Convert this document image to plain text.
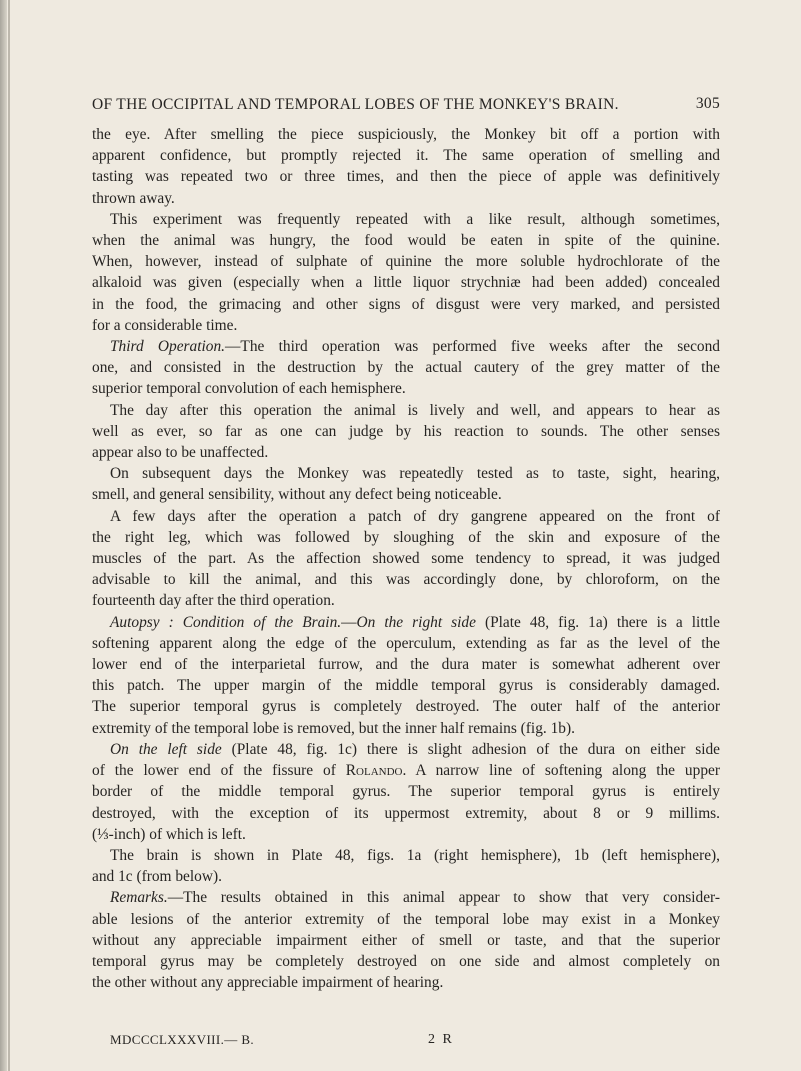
OF THE OCCIPITAL AND TEMPORAL LOBES OF THE MONKEY'S BRAIN.	305

the eye. After smelling the piece suspiciously, the Monkey bit off a portion with

apparent confidence, but promptly rejected it. The same operation of smelling and

tasting was repeated two or three times, and then the piece of apple was definitively

thrown away.

This experiment was frequently repeated with a like result, although sometimes,

when the animal was hungry, the food would be eaten in spite of the quinine.

When, however, instead of sulphate of quinine the more soluble hydrochlorate of the

alkaloid was given (especially when a little liquor strychniæ had been added) concealed

in the food, the grimacing and other signs of disgust were very marked, and persisted

for a considerable time.

Third Operation.—The third operation was performed five weeks after the second

one, and consisted in the destruction by the actual cautery of the grey matter of the

superior temporal convolution of each hemisphere.

The day after this operation the animal is lively and well, and appears to hear as

well as ever, so far as one can judge by his reaction to sounds. The other senses

appear also to be unaffected.

On subsequent days the Monkey was repeatedly tested as to taste, sight, hearing,

smell, and general sensibility, without any defect being noticeable.

A few days after the operation a patch of dry gangrene appeared on the front of

the right leg, which was followed by sloughing of the skin and exposure of the

muscles of the part. As the affection showed some tendency to spread, it was judged

advisable to kill the animal, and this was accordingly done, by chloroform, on the

fourteenth day after the third operation.

Autopsy : Condition of the Brain.—On the right side (Plate 48, fig. 1a) there is a little

softening apparent along the edge of the operculum, extending as far as the level of the

lower end of the interparietal furrow, and the dura mater is somewhat adherent over

this patch. The upper margin of the middle temporal gyrus is considerably damaged.

The superior temporal gyrus is completely destroyed. The outer half of the anterior

extremity of the temporal lobe is removed, but the inner half remains (fig. 1b).

On the left side (Plate 48, fig. 1c) there is slight adhesion of the dura on either side

of the lower end of the fissure of Rolando. A narrow line of softening along the upper

border of the middle temporal gyrus. The superior temporal gyrus is entirely

destroyed, with the exception of its uppermost extremity, about 8 or 9 millims.

(⅓-inch) of which is left.

The brain is shown in Plate 48, figs. 1a (right hemisphere), 1b (left hemisphere),

and 1c (from below).

Remarks.—The results obtained in this animal appear to show that very consider-

able lesions of the anterior extremity of the temporal lobe may exist in a Monkey

without any appreciable impairment either of smell or taste, and that the superior

temporal gyrus may be completely destroyed on one side and almost completely on

the other without any appreciable impairment of hearing.

MDCCCLXXXVIII.— B.	2 R
